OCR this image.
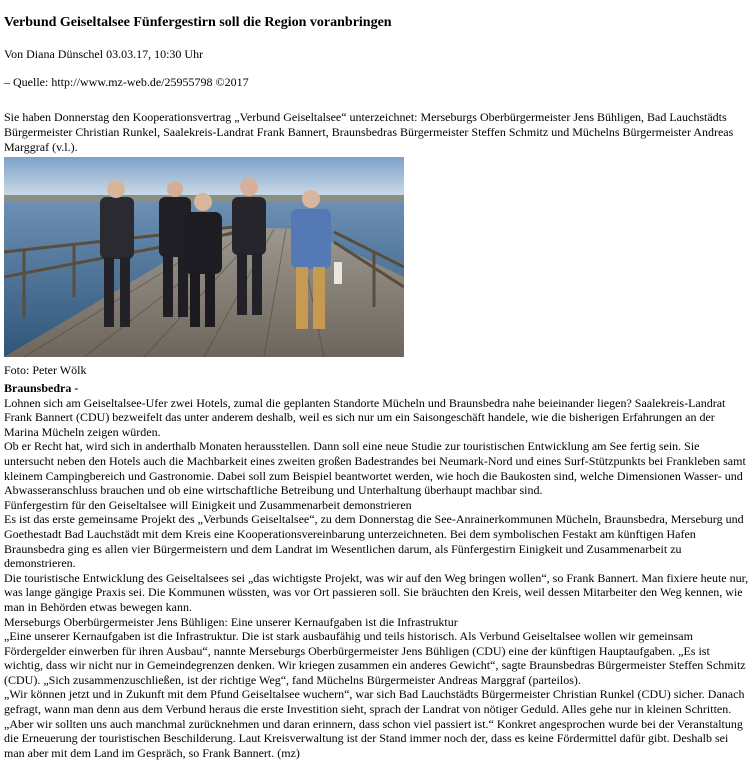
Verbund Geiseltalsee Fünfergestirn soll die Region voranbringen

Von Diana Dünschel 03.03.17, 10:30 Uhr

– Quelle: http://www.mz-web.de/25955798 ©2017

Sie haben Donnerstag den Kooperationsvertrag „Verbund Geiseltalsee“ unterzeichnet: Merseburgs Oberbürgermeister Jens Bühligen, Bad Lauchstädts Bürgermeister Christian Runkel, Saalekreis-Landrat Frank Bannert, Braunsbedras Bürgermeister Steffen Schmitz und Müchelns Bürgermeister Andreas Marggraf (v.l.).

Foto: Peter Wölk

Braunsbedra -

Lohnen sich am Geiseltalsee-Ufer zwei Hotels, zumal die geplanten Standorte Mücheln und Braunsbedra nahe beieinander liegen? Saalekreis-Landrat Frank Bannert (CDU) bezweifelt das unter anderem deshalb, weil es sich nur um ein Saisongeschäft handele, wie die bisherigen Erfahrungen an der Marina Mücheln zeigen würden.

Ob er Recht hat, wird sich in anderthalb Monaten herausstellen. Dann soll eine neue Studie zur touristischen Entwicklung am See fertig sein. Sie untersucht neben den Hotels auch die Machbarkeit eines zweiten großen Badestrandes bei Neumark-Nord und eines Surf-Stützpunkts bei Frankleben samt kleinem Campingbereich und Gastronomie. Dabei soll zum Beispiel beantwortet werden, wie hoch die Baukosten sind, welche Dimensionen Wasser- und Abwasseranschluss brauchen und ob eine wirtschaftliche Betreibung und Unterhaltung überhaupt machbar sind.

Fünfergestirn für den Geiseltalsee will Einigkeit und Zusammenarbeit demonstrieren

Es ist das erste gemeinsame Projekt des „Verbunds Geiseltalsee“, zu dem Donnerstag die See-Anrainerkommunen Mücheln, Braunsbedra, Merseburg und Goethestadt Bad Lauchstädt mit dem Kreis eine Kooperationsvereinbarung unterzeichneten. Bei dem symbolischen Festakt am künftigen Hafen Braunsbedra ging es allen vier Bürgermeistern und dem Landrat im Wesentlichen darum, als Fünfergestirn Einigkeit und Zusammenarbeit zu demonstrieren.

Die touristische Entwicklung des Geiseltalsees sei „das wichtigste Projekt, was wir auf den Weg bringen wollen“, so Frank Bannert. Man fixiere heute nur, was lange gängige Praxis sei. Die Kommunen wüssten, was vor Ort passieren soll. Sie bräuchten den Kreis, weil dessen Mitarbeiter den Weg kennen, wie man in Behörden etwas bewegen kann.

Merseburgs Oberbürgermeister Jens Bühligen: Eine unserer Kernaufgaben ist die Infrastruktur

„Eine unserer Kernaufgaben ist die Infrastruktur. Die ist stark ausbaufähig und teils historisch. Als Verbund Geiseltalsee wollen wir gemeinsam Fördergelder einwerben für ihren Ausbau“, nannte Merseburgs Oberbürgermeister Jens Bühligen (CDU) eine der künftigen Hauptaufgaben. „Es ist wichtig, dass wir nicht nur in Gemeindegrenzen denken. Wir kriegen zusammen ein anderes Gewicht“, sagte Braunsbedras Bürgermeister Steffen Schmitz (CDU). „Sich zusammenzuschließen, ist der richtige Weg“, fand Müchelns Bürgermeister Andreas Marggraf (parteilos).

„Wir können jetzt und in Zukunft mit dem Pfund Geiseltalsee wuchern“, war sich Bad Lauchstädts Bürgermeister Christian Runkel (CDU) sicher. Danach gefragt, wann man denn aus dem Verbund heraus die erste Investition sieht, sprach der Landrat von nötiger Geduld. Alles gehe nur in kleinen Schritten. „Aber wir sollten uns auch manchmal zurücknehmen und daran erinnern, dass schon viel passiert ist.“ Konkret angesprochen wurde bei der Veranstaltung die Erneuerung der touristischen Beschilderung. Laut Kreisverwaltung ist der Stand immer noch der, dass es keine Fördermittel dafür gibt. Deshalb sei man aber mit dem Land im Gespräch, so Frank Bannert. (mz)
